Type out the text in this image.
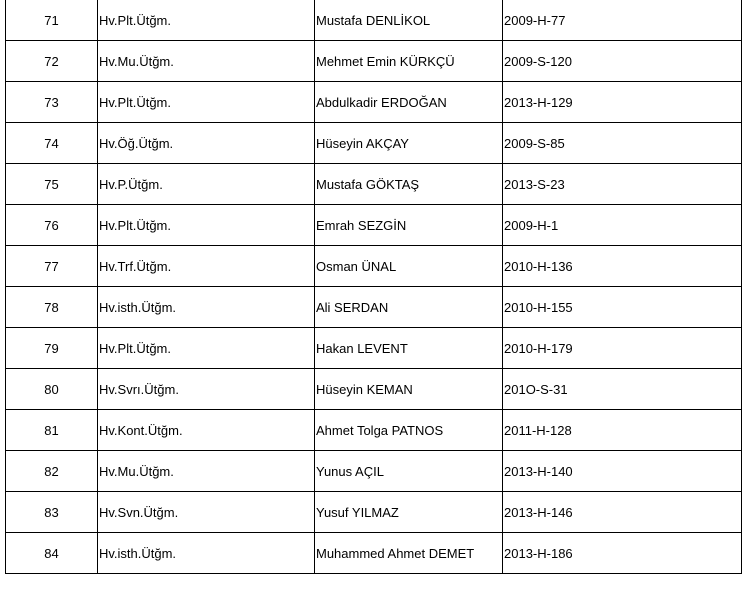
71	Hv.Plt.Ütğm.	Mustafa DENLİKOL	2009-H-77
72	Hv.Mu.Ütğm.	Mehmet Emin KÜRKÇÜ	2009-S-120
73	Hv.Plt.Ütğm.	Abdulkadir ERDOĞAN	2013-H-129
74	Hv.Öğ.Ütğm.	Hüseyin AKÇAY	2009-S-85
75	Hv.P.Ütğm.	Mustafa GÖKTAŞ	2013-S-23
76	Hv.Plt.Ütğm.	Emrah SEZGİN	2009-H-1
77	Hv.Trf.Ütğm.	Osman ÜNAL	2010-H-136
78	Hv.isth.Ütğm.	Ali SERDAN	2010-H-155
79	Hv.Plt.Ütğm.	Hakan LEVENT	2010-H-179
80	Hv.Svrı.Ütğm.	Hüseyin KEMAN	201O-S-31
81	Hv.Kont.Ütğm.	Ahmet Tolga PATNOS	2011-H-128
82	Hv.Mu.Ütğm.	Yunus AÇIL	2013-H-140
83	Hv.Svn.Ütğm.	Yusuf YILMAZ	2013-H-146
84	Hv.isth.Ütğm.	Muhammed Ahmet DEMET	2013-H-186
